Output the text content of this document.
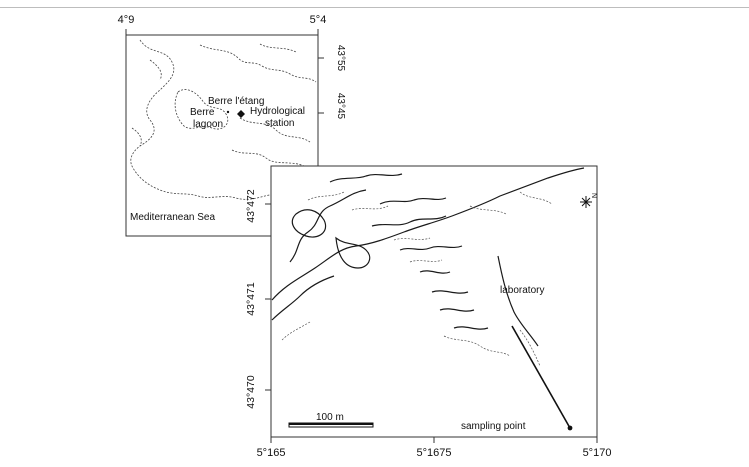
4°9	5°4
43°55
43°45
Berre l'étang
Berre
lagoon
Hydrological
station
Mediterranean Sea
N
100 m
laboratory
sampling point
43°472
43°471
43°470
5°165	5°1675	5°170
